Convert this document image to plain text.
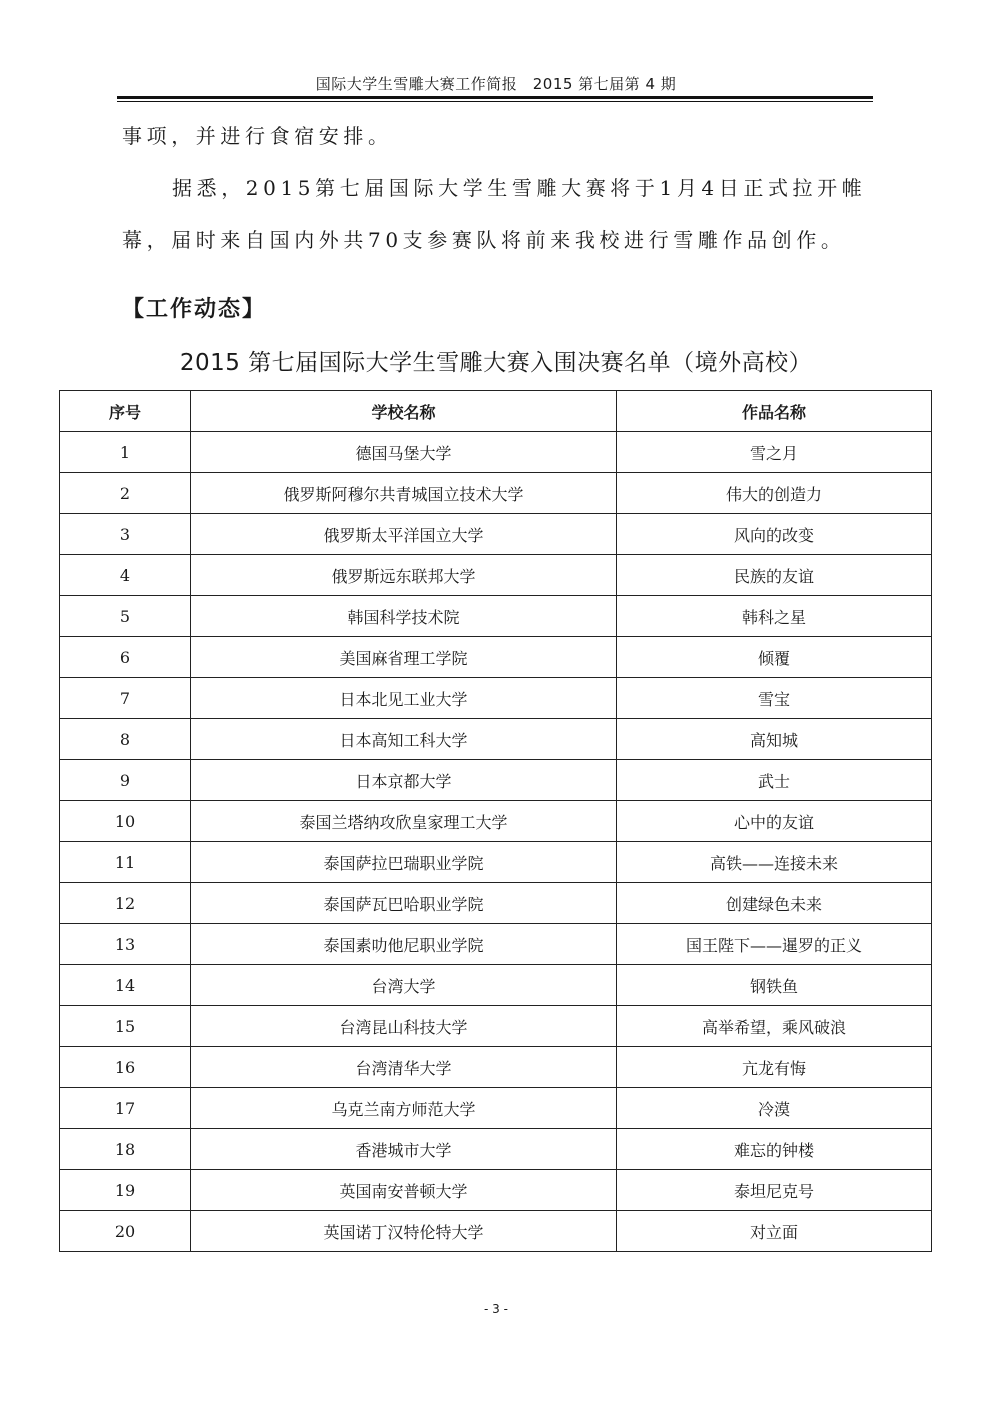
国际大学生雪雕大赛工作简报　2015 第七届第 4 期
事项，并进行食宿安排。
据悉，2015第七届国际大学生雪雕大赛将于1月4日正式拉开帷
幕，届时来自国内外共70支参赛队将前来我校进行雪雕作品创作。
【工作动态】
2015 第七届国际大学生雪雕大赛入围决赛名单（境外高校）
序号	学校名称	作品名称
1	德国马堡大学	雪之月
2	俄罗斯阿穆尔共青城国立技术大学	伟大的创造力
3	俄罗斯太平洋国立大学	风向的改变
4	俄罗斯远东联邦大学	民族的友谊
5	韩国科学技术院	韩科之星
6	美国麻省理工学院	倾覆
7	日本北见工业大学	雪宝
8	日本高知工科大学	高知城
9	日本京都大学	武士
10	泰国兰塔纳攻欣皇家理工大学	心中的友谊
11	泰国萨拉巴瑞职业学院	高铁——连接未来
12	泰国萨瓦巴哈职业学院	创建绿色未来
13	泰国素叻他尼职业学院	国王陛下——暹罗的正义
14	台湾大学	钢铁鱼
15	台湾昆山科技大学	高举希望，乘风破浪
16	台湾清华大学	亢龙有悔
17	乌克兰南方师范大学	冷漠
18	香港城市大学	难忘的钟楼
19	英国南安普顿大学	泰坦尼克号
20	英国诺丁汉特伦特大学	对立面
- 3 -
